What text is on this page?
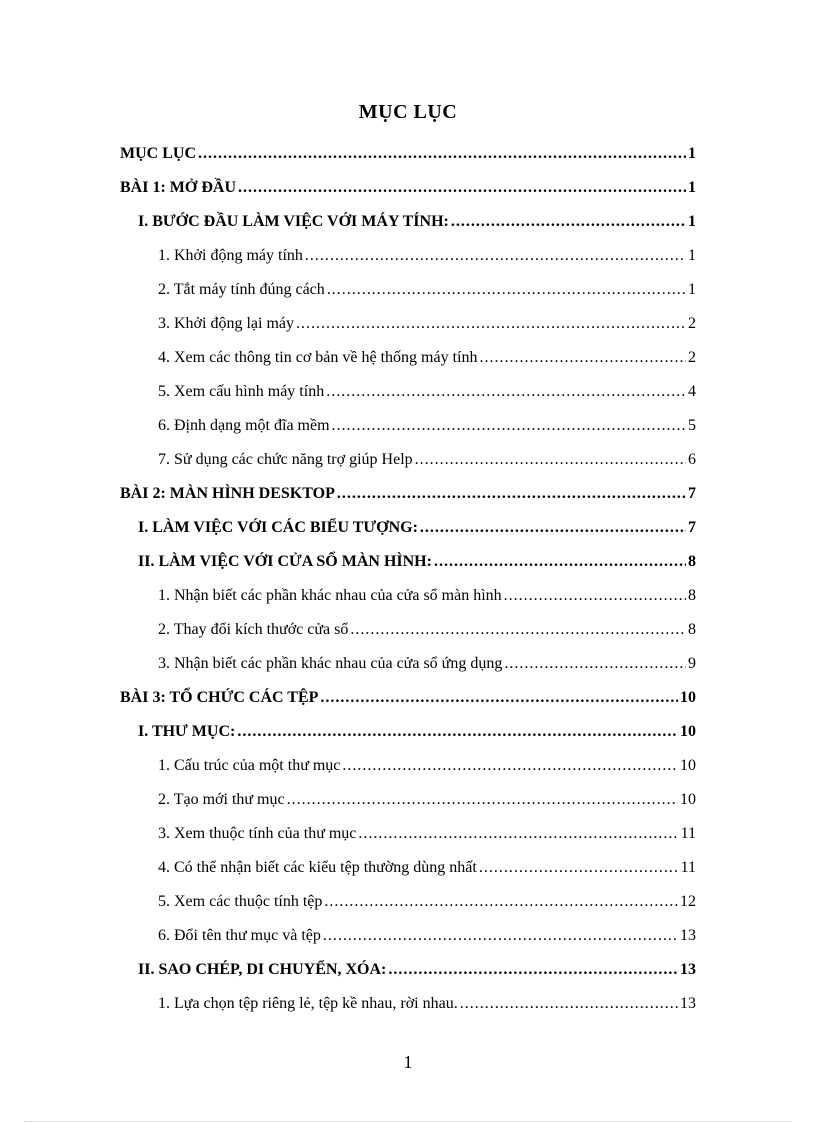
MỤC LỤC
MỤC LỤC .....	1
BÀI 1: MỞ ĐẦU .....	1
I. BƯỚC ĐẦU LÀM VIỆC VỚI MÁY TÍNH: .....	1
1. Khởi động máy tính .....	1
2. Tắt máy tính đúng cách .....	1
3. Khởi động lại máy .....	2
4. Xem các thông tin cơ bản về hệ thống máy tính .....	2
5. Xem cấu hình máy tính .....	4
6. Định dạng một đĩa mềm .....	5
7. Sử dụng các chức năng trợ giúp Help .....	6
BÀI 2: MÀN HÌNH DESKTOP .....	7
I. LÀM VIỆC VỚI CÁC BIỂU TƯỢNG: .....	7
II. LÀM VIỆC VỚI CỬA SỔ MÀN HÌNH: .....	8
1. Nhận biết các phần khác nhau của cửa sổ màn hình .....	8
2. Thay đổi kích thước cửa sổ .....	8
3. Nhận biết các phần khác nhau của cửa sổ ứng dụng .....	9
BÀI 3: TỔ CHỨC CÁC TỆP .....	10
I. THƯ MỤC: .....	10
1. Cấu trúc của một thư mục .....	10
2. Tạo mới thư mục .....	10
3. Xem thuộc tính của thư mục .....	11
4. Có thể nhận biết các kiểu tệp thường dùng nhất .....	11
5. Xem các thuộc tính tệp .....	12
6. Đổi tên thư mục và tệp .....	13
II. SAO CHÉP, DI CHUYỂN, XÓA: .....	13
1. Lựa chọn tệp riêng lẻ, tệp kề nhau, rời nhau. .....	13
1
